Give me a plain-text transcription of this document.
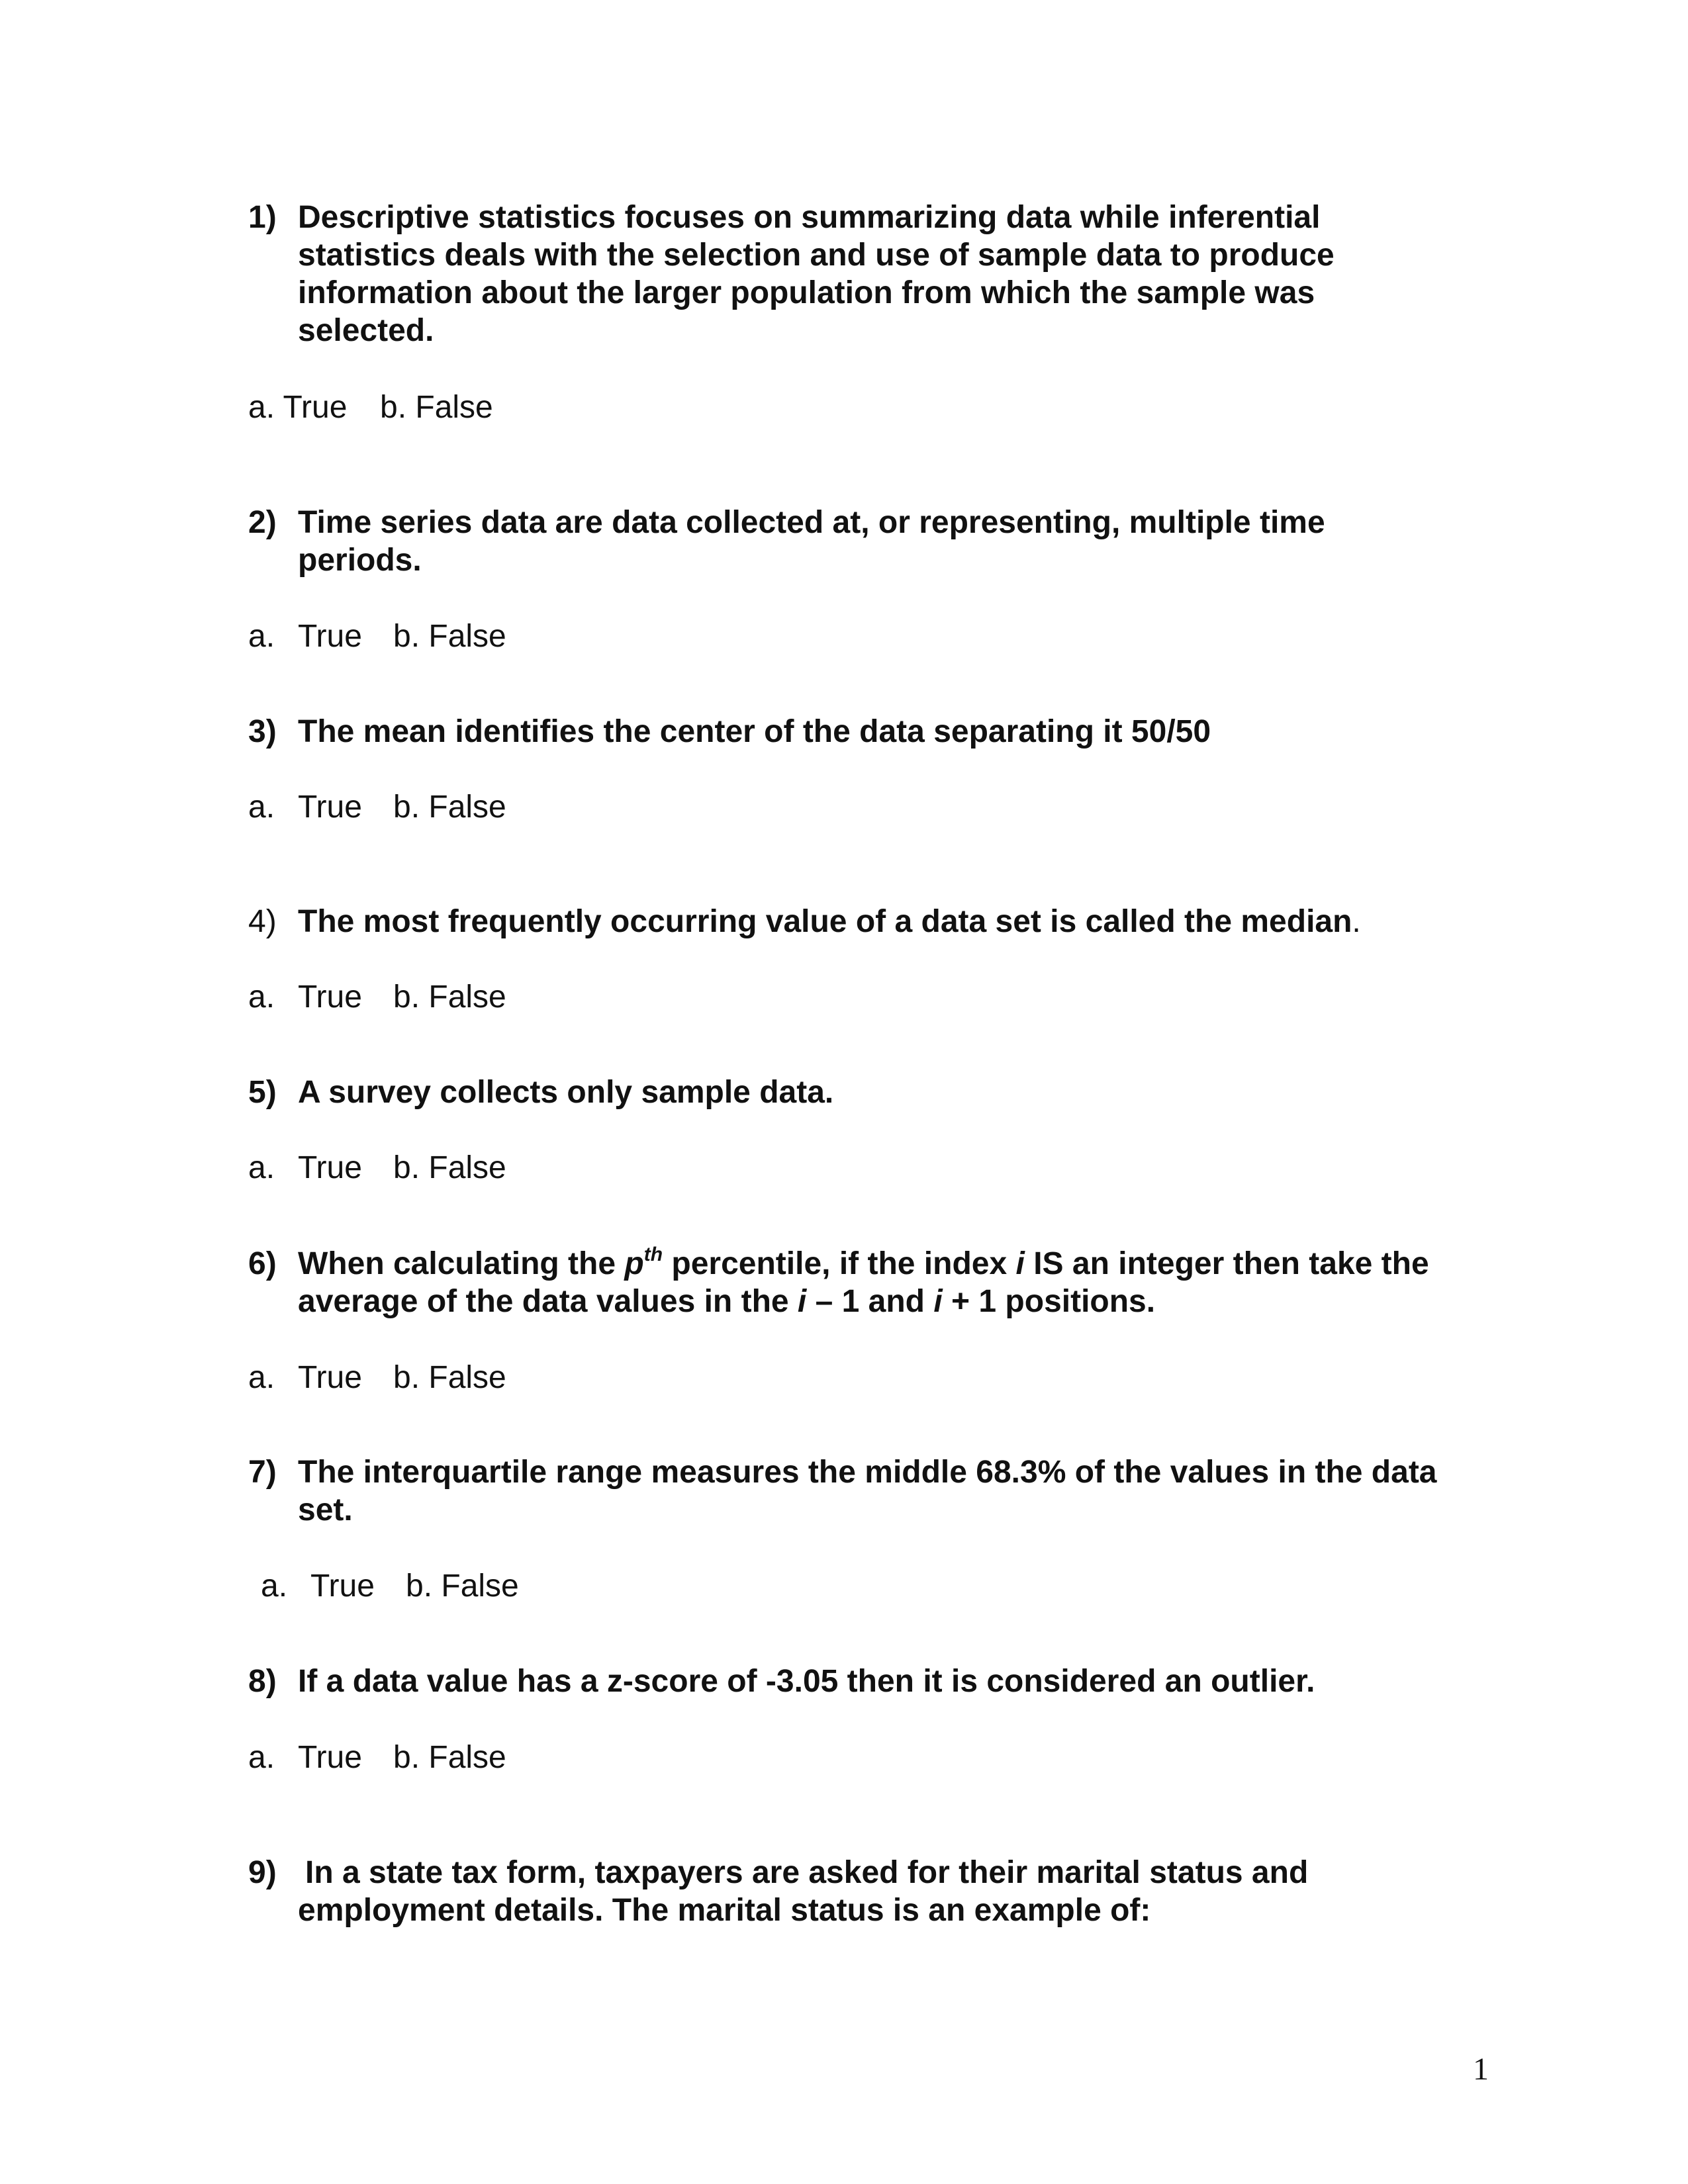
1) Descriptive statistics focuses on summarizing data while inferential
statistics deals with the selection and use of sample data to produce
information about the larger population from which the sample was
selected.
a. True b. False
2) Time series data are data collected at, or representing, multiple time
periods.
a. True b. False
3) The mean identifies the center of the data separating it 50/50
a. True b. False
4) The most frequently occurring value of a data set is called the median.
a. True b. False
5) A survey collects only sample data.
a. True b. False
6) When calculating the $p^{th}$ percentile, if the index i IS an integer then take the
average of the data values in the i – 1 and i + 1 positions.
a. True b. False
7) The interquartile range measures the middle 68.3% of the values in the data
set.
a. True b. False
8) If a data value has a z-score of -3.05 then it is considered an outlier.
a. True b. False
9) In a state tax form, taxpayers are asked for their marital status and
employment details. The marital status is an example of:
1
